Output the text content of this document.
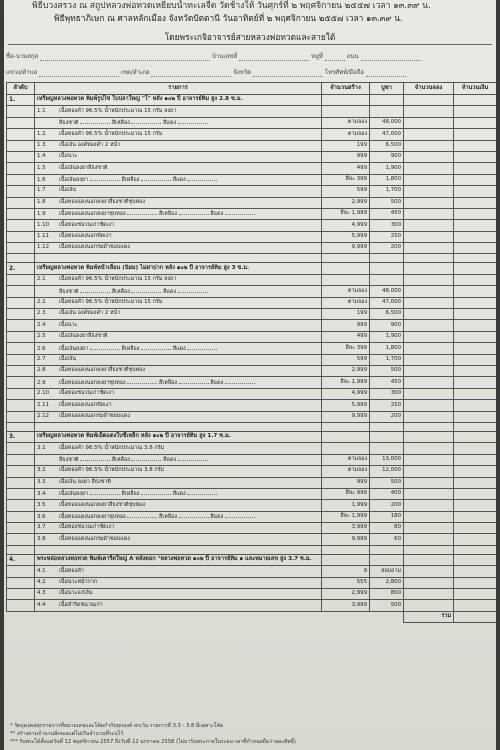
พิธีบวงสรวง ณ สถูปหลวงพ่อทวดเหยียบน้ำทะเลจืด วัดช้างให้ วันศุกร์ที่ ๒ พฤศจิกายน ๒๕๕๗ เวลา ๑๓.๓๙ น.
พิธีพุทธาภิเษก ณ ศาลหลักเมือง จังหวัดปัตตานี วันอาทิตย์ที่ ๒ พฤศจิกายน ๒๕๕๗ เวลา ๑๓.๓๙ น.
โดยพระเกจิอาจารย์สายหลวงพ่อทวดและสายใต้
ชื่อ-นามสกุล	บ้านเลขที่	หมู่ที่	ถนน
แขวง/ตำบล	เขต/อำเภอ	จังหวัด	โทรศัพท์/มือถือ
ลำดับ	รายการ	จำนวนสร้าง	บูชา	จำนวนจอง	จำนวนเงิน
1.	เหรียญหลวงพ่อทวด พิมพ์รูปไข่ ใบปลาใหญ่ "โ" หลัง ๑๐๒ ปี อาจารย์ทิม สูง 2.8 ซ.ม.				
	1.1 เนื้อทองคำ 96.5% น้ำหนักประมาณ 15 กรัม ลงยา				
	สีธงชาติ สีเหลือง สีแดง	ตามจอง	48,000		
	1.2 เนื้อทองคำ 96.5% น้ำหนักประมาณ 15 กรัม	ตามจอง	47,000		
	1.3 เนื้อเงิน องค์ทองคำ 2 หน้า	199	6,500		
	1.4 เนื้อนวะ	999	900		
	1.5 เนื้อเงินลงยาสีธงชาติ	499	1,900		
	1.6 เนื้อเงินลงยา สีเหลือง สีแดง	สีละ 399	1,800		
	1.7 เนื้อเงิน	599	1,700		
	1.8 เนื้อทองแดงนอกลงยาสีธงชาติชุบทอง	2,999	500		
	1.9 เนื้อทองแดงนอกลงยาชุบทอง สีเหลือง สีแดง	สีละ 1,999	450		
	1.10 เนื้อทองชนวนเก่าชัดเงา	4,999	300		
	1.11 เนื้อทองแดงนอกขัดเงา	5,999	250		
	1.12 เนื้อทองแดงนอกรมดำซอบแดง	9,999	200		

2.	เหรียญหลวงพ่อทวด พิมพ์หน้าเลื่อน (นิยม) ไม่ผ่าปาก หลัง ๑๐๒ ปี อาจารย์ทิม สูง 3 ซ.ม.				
	2.1 เนื้อทองคำ 96.5% น้ำหนักประมาณ 15 กรัม ลงยา				
	สีธงชาติ สีเหลือง สีแดง	ตามจอง	48,000		
	2.2 เนื้อทองคำ 96.5% น้ำหนักประมาณ 15 กรัม	ตามจอง	47,000		
	2.3 เนื้อเงิน องค์ทองคำ 2 หน้า	199	6,500		
	2.4 เนื้อนวะ	999	900		
	2.5 เนื้อเงินลงยาสีธงชาติ	499	1,900		
	2.6 เนื้อเงินลงยา สีเหลือง สีแดง	สีละ 399	1,800		
	2.7 เนื้อเงิน	599	1,700		
	2.8 เนื้อทองแดงนอกลงยาสีธงชาติชุบทอง	2,999	500		
	2.9 เนื้อทองแดงนอกลงยาชุบทอง สีเหลือง สีแดง	สีละ 1,999	450		
	2.10 เนื้อทองชนวนเก่าชัดเงา	4,999	300		
	2.11 เนื้อทองแดงนอกขัดเงา	5,999	250		
	2.12 เนื้อทองแดงนอกรมดำซอบแดง	9,999	200		

3.	เหรียญหลวงพ่อทวด พิมพ์เม็ดแตงใบขี้เหล็ก หลัง ๑๐๒ ปี อาจารย์ทิม สูง 1.7 ซ.ม.				
	3.1 เนื้อทองคำ 96.5% น้ำหนักประมาณ 3.8 กรัม				
	สีธงชาติ สีเหลือง สีแดง	ตามจอง	13,000		
	3.2 เนื้อทองคำ 96.5% น้ำหนักประมาณ 3.8 กรัม	ตามจอง	12,000		
	3.3 เนื้อเงิน ลงยา สีธงชาติ	999	500		
	3.4 เนื้อเงินลงยา สีเหลือง สีแดง	สีละ 999	400		
	3.5 เนื้อทองแดงนอกลงยาสีธงชาติชุบทอง	1,999	200		
	3.6 เนื้อทองแดงนอกลงยาชุบทอง สีเหลือง สีแดง	สีละ 1,999	180		
	3.7 เนื้อทองชนวนเก่าชัดเงา	3,999	80		
	3.8 เนื้อทองแดงนอกรมดำซอบแดง	9,999	60		

4.	พระหล่อหลวงพ่อทวด พิมพ์เตารีดใหญ่ A หลังตอก "หลวงพ่อทวด ๑๐๒ ปี อาจารย์ทิม ๑ และหมายเลข สูง 3.7 ซ.ม.				
	4.1 เนื้อทองคำ	9	สอบถาม		
	4.2 เนื้อนวะหน้ากาก	555	2,800		
	4.3 เนื้อนวะแก่เงิน	2,999	800		
	4.4 เนื้อสำริดชนวนเก่า	3,999	500		
				รวม	
* วัตถุมงคลทุกรายการที่หมายเลขและโค้ดกำกับทุกองค์ ยกเว้น รายการที่ 3.3 - 3.8 มีเฉพาะโค้ด
** สร้างตามจำนวนสั่งจองแต่ไม่เกินจำนวนที่ระบุไว้
*** รับพระได้ตั้งแต่วันที่ 12 พฤศจิกายน 2557 ถึงวันที่ 12 มกราคม 2558 (ไม่มารับพระภายในระยะเวลาที่กำหนดถือว่าสละสิทธิ์)
